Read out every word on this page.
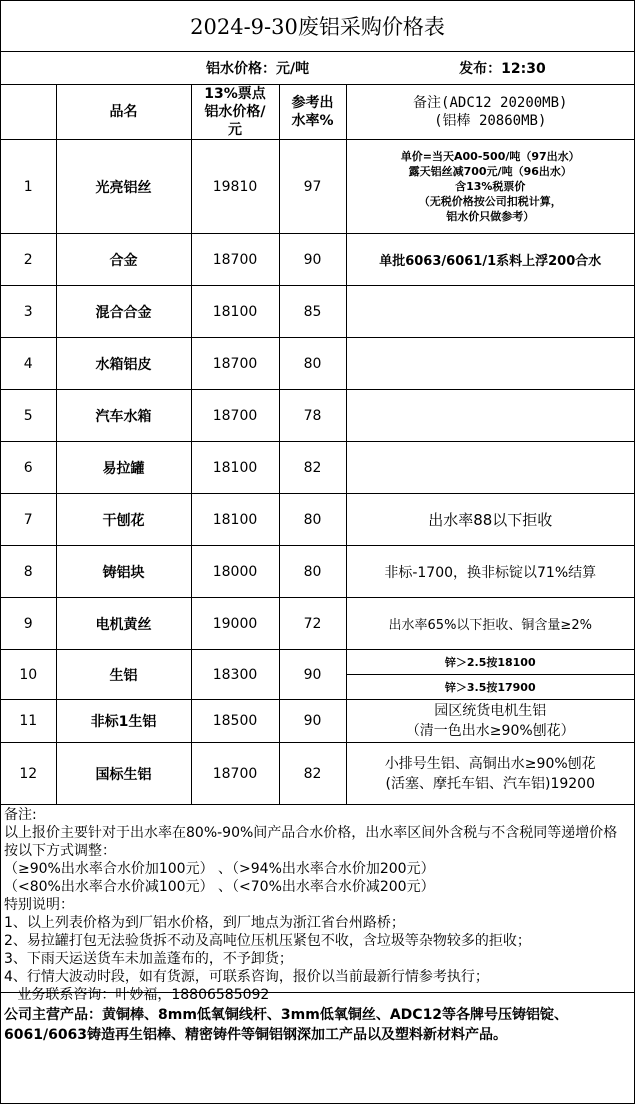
2024-9-30废铝采购价格表
铝水价格：元/吨	发布：12:30
	品名	13%票点铝水价格/元	参考出水率%	备注(ADC12 20200MB)
(铝棒 20860MB)

1	光亮铝丝	19810	97	单价=当天A00-500/吨（97出水）
露天铝丝减700元/吨（96出水）
含13%税票价
（无税价格按公司扣税计算，
铝水价只做参考）

2	合金	18700	90	单批6063/6061/1系料上浮200合水
3	混合合金	18100	85	
4	水箱铝皮	18700	80	
5	汽车水箱	18700	78	
6	易拉罐	18100	82	
7	干刨花	18100	80	出水率88以下拒收
8	铸铝块	18000	80	非标-1700，换非标锭以71%结算
9	电机黄丝	19000	72	出水率65%以下拒收、铜含量≥2%
10	生铝	18300	90	锌＞2.5按18100
				锌＞3.5按17900
11	非标1生铝	18500	90	园区统货电机生铝
（清一色出水≥90%刨花）

12	国标生铝	18700	82	小排号生铝、高铜出水≥90%刨花
(活塞、摩托车铝、汽车铝)19200
备注:
以上报价主要针对于出水率在80%-90%间产品合水价格，出水率区间外含税与不含税同等递增价格按以下方式调整：
（≥90%出水率合水价加100元） 、（>94%出水率合水价加200元）
（<80%出水率合水价减100元） 、（<70%出水率合水价减200元）
特别说明：
1、以上列表价格为到厂铝水价格，到厂地点为浙江省台州路桥；
2、易拉罐打包无法验货拆不动及高吨位压机压紧包不收，含垃圾等杂物较多的拒收；
3、下雨天运送货车未加盖蓬布的，不予卸货；
4、行情大波动时段，如有货源，可联系咨询，报价以当前最新行情参考执行；
业务联系咨询：叶妙福，18806585092
公司主营产品：黄铜棒、8mm低氧铜线杆、3mm低氧铜丝、ADC12等各牌号压铸铝锭、6061/6063铸造再生铝棒、精密铸件等铜铝钢深加工产品以及塑料新材料产品。
